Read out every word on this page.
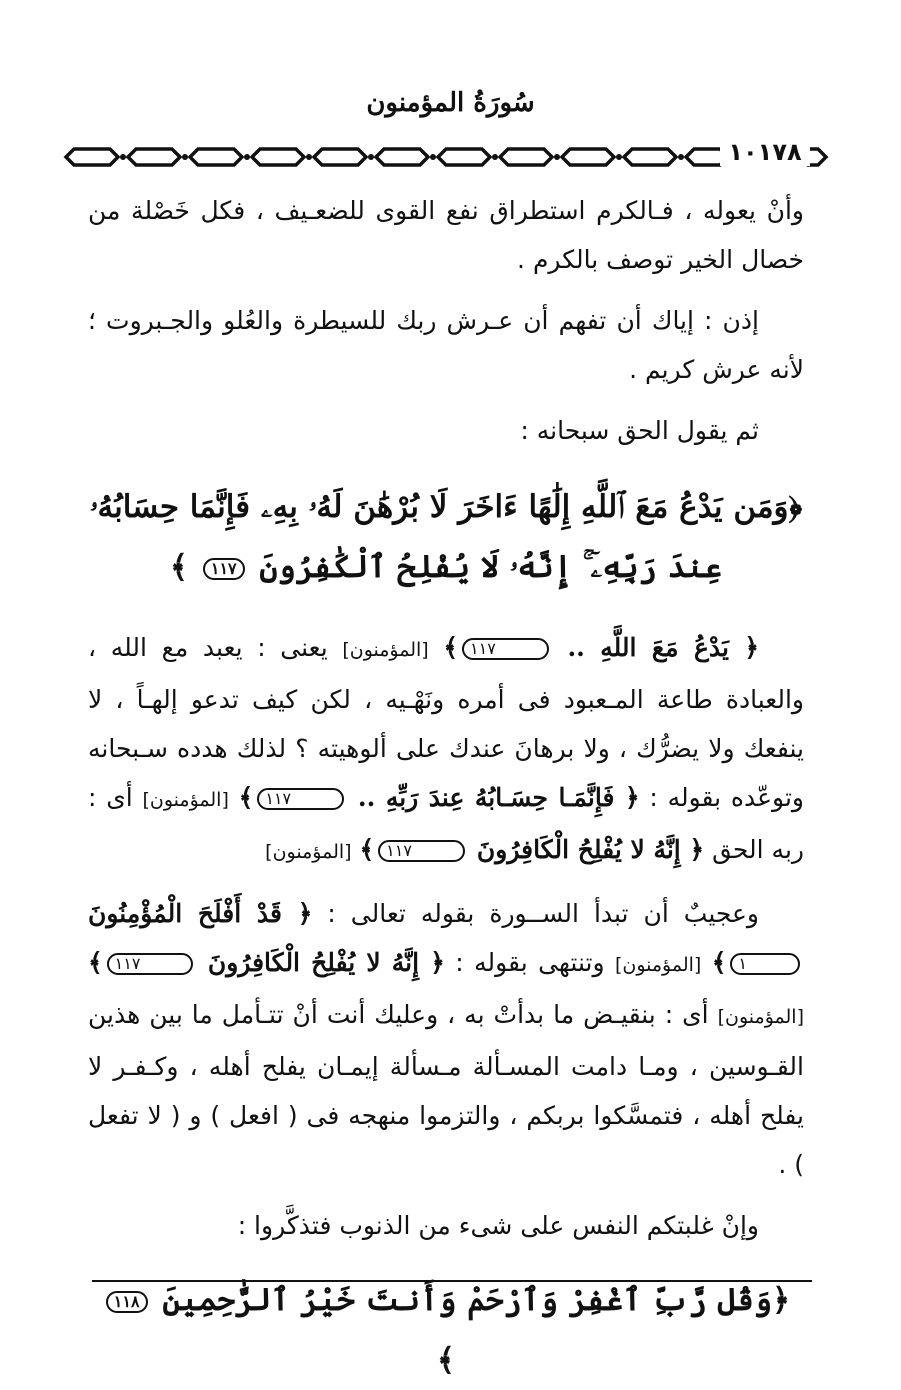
سُورَةُ المؤمنون
١٠١٧٨

وأنْ يعوله ، فـالكرم استطراق نفع القوى للضعـيف ، فكل خَصْلة من خصال الخير توصف بالكرم .

إذن : إياك أن تفهم أن عـرش ربك للسيطرة والعُلو والجـبروت ؛ لأنه عرش كريم .

ثم يقول الحق سبحانه :

﴿وَمَن يَدْعُ مَعَ ٱللَّهِ إِلَٰهًا ءَاخَرَ لَا بُرْهَٰنَ لَهُۥ بِهِۦ فَإِنَّمَا حِسَابُهُۥ
عِندَ رَبِّهِۦٓ ۚ إِنَّهُۥ لَا يُفْلِحُ ٱلْكَٰفِرُونَ ١١٧ ﴾

﴿ يَدْعُ مَعَ اللَّهِ .. ١١٧﴾ [المؤمنون] يعنى : يعبد مع الله ، والعبادة طاعة المـعبود فى أمره ونَهْـيه ، لكن كيف تدعو إلهـاً ، لا ينفعك ولا يضرُّك ، ولا برهانَ عندك على ألوهيته ؟ لذلك هدده سـبحانه وتوعّده بقوله : ﴿ فَإِنَّمَـا حِسَـابُهُ عِندَ رَبِّهِ .. ١١٧﴾ [المؤمنون] أى : ربه الحق ﴿ إِنَّهُ لا يُفْلِحُ الْكَافِرُونَ ١١٧﴾ [المؤمنون]

وعجيبٌ أن تبدأ الســورة بقوله تعالى : ﴿ قَدْ أَفْلَحَ الْمُؤْمِنُونَ ١﴾ [المؤمنون] وتنتهى بقوله : ﴿ إِنَّهُ لا يُفْلِحُ الْكَافِرُونَ ١١٧﴾ [المؤمنون] أى : بنقيـض ما بدأتْ به ، وعليك أنت أنْ تتـأمل ما بين هذين القـوسين ، ومـا دامت المسـألة مـسألة إيمـان يفلح أهله ، وكـفـر لا يفلح أهله ، فتمسَّكوا بربكم ، والتزموا منهجه فى ( افعل ) و ( لا تفعل ) .

وإنْ غلبتكم النفس على شىء من الذنوب فتذكَّروا :

﴿وَقُل رَّبِّ ٱغْفِرْ وَٱرْحَمْ وَأَنتَ خَيْرُ ٱلرَّٰحِمِينَ ١١٨ ﴾
